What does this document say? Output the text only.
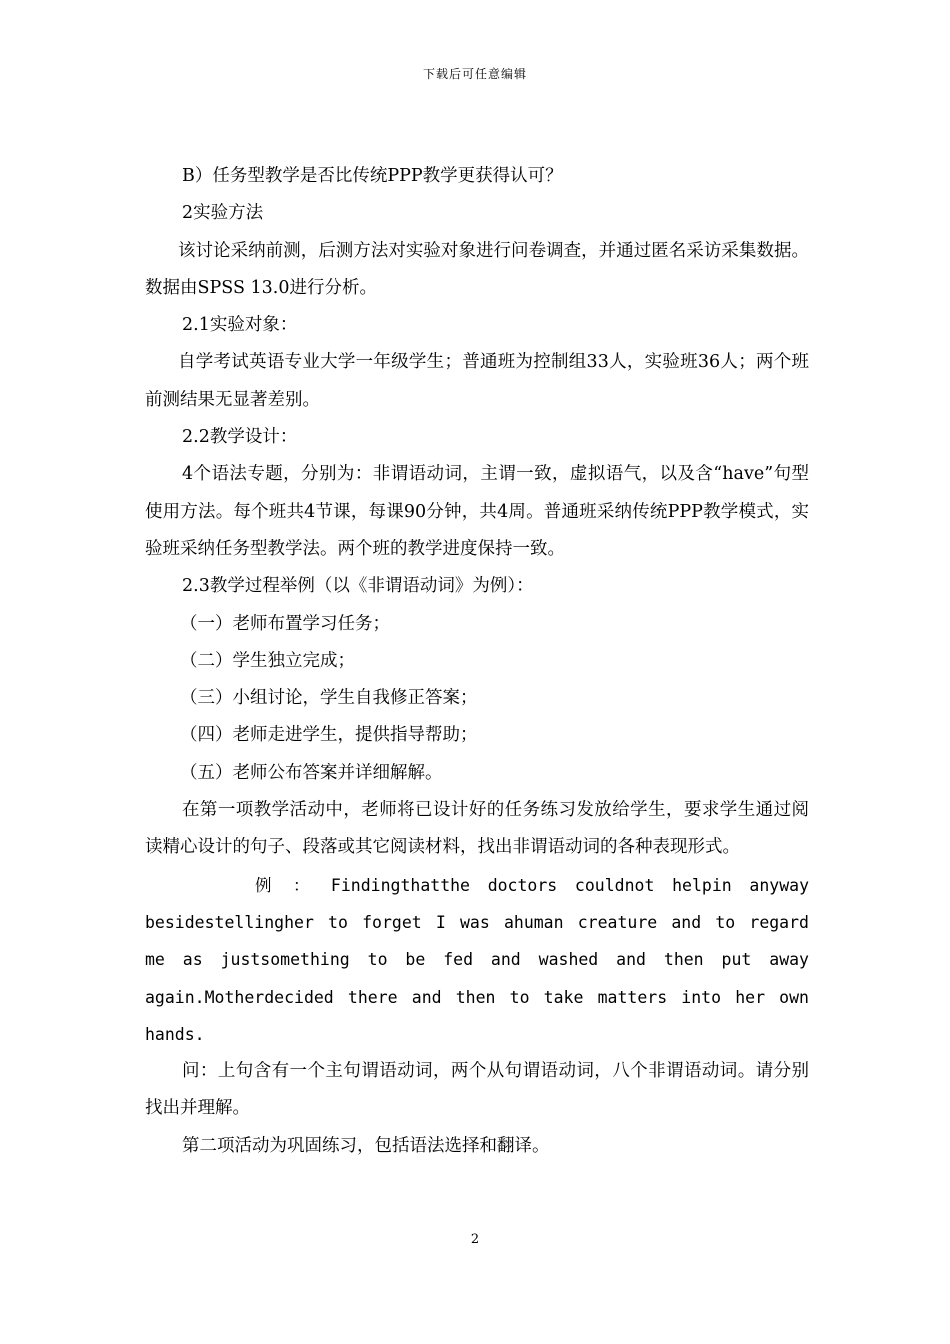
下载后可任意编辑

B）任务型教学是否比传统PPP教学更获得认可？

2实验方法

该讨论采纳前测，后测方法对实验对象进行问卷调查，并通过匿名采访采集数据。数据由SPSS 13.0进行分析。

2.1实验对象：

自学考试英语专业大学一年级学生；普通班为控制组33人，实验班36人；两个班前测结果无显著差别。

2.2教学设计：

4个语法专题，分别为：非谓语动词，主谓一致，虚拟语气，以及含“have”句型使用方法。每个班共4节课，每课90分钟，共4周。普通班采纳传统PPP教学模式，实验班采纳任务型教学法。两个班的教学进度保持一致。

2.3教学过程举例（以《非谓语动词》为例）：

（一）老师布置学习任务；

（二）学生独立完成；

（三）小组讨论，学生自我修正答案；

（四）老师走进学生，提供指导帮助；

（五）老师公布答案并详细解解。

在第一项教学活动中，老师将已设计好的任务练习发放给学生，要求学生通过阅读精心设计的句子、段落或其它阅读材料，找出非谓语动词的各种表现形式。

例 ： Findingthatthe doctors couldnot helpin anyway besidestellingher to forget I was ahuman creature and to regard me as justsomething to be fed and washed and then put away again.Motherdecided there and then to take matters into her own hands.

问：上句含有一个主句谓语动词，两个从句谓语动词，八个非谓语动词。请分别找出并理解。

第二项活动为巩固练习，包括语法选择和翻译。

2
